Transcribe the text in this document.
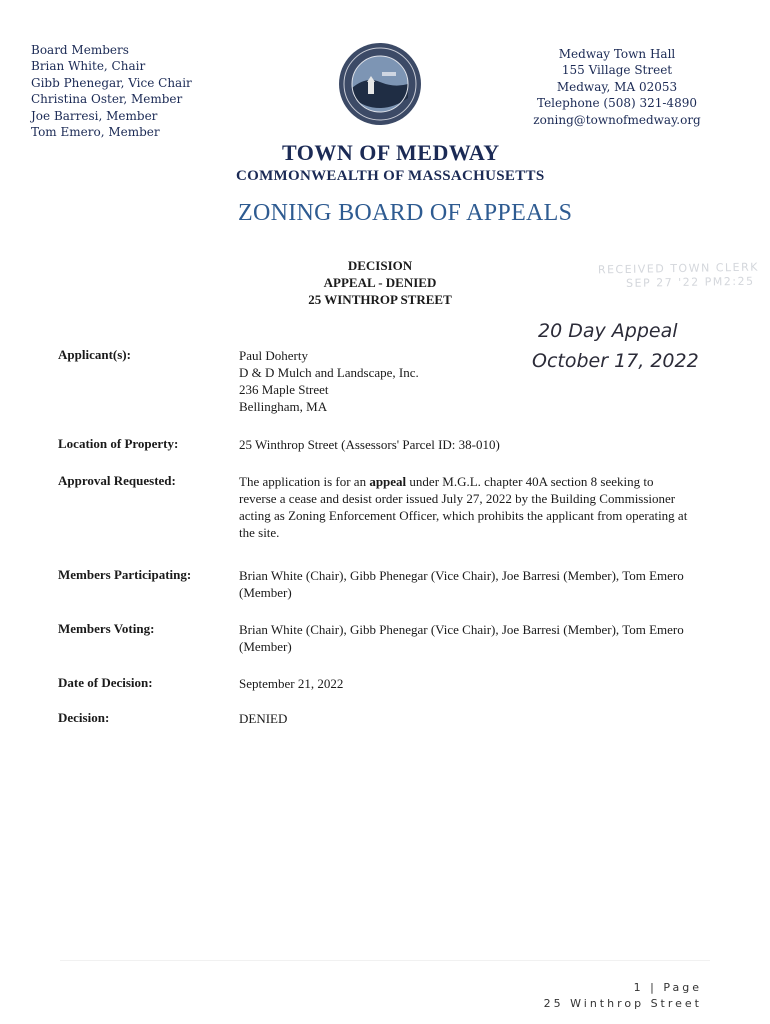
Board Members
Brian White, Chair
Gibb Phenegar, Vice Chair
Christina Oster, Member
Joe Barresi, Member
Tom Emero, Member
Medway Town Hall
155 Village Street
Medway, MA 02053
Telephone (508) 321-4890
zoning@townofmedway.org
TOWN OF MEDWAY
COMMONWEALTH OF MASSACHUSETTS
ZONING BOARD OF APPEALS
DECISION
APPEAL - DENIED
25 WINTHROP STREET
RECEIVED TOWN CLERK
SEP 27 '22 PM2:25
20 Day Appeal
October 17, 2022
Applicant(s):	Paul Doherty
D & D Mulch and Landscape, Inc.
236 Maple Street
Bellingham, MA
Location of Property:	25 Winthrop Street (Assessors' Parcel ID: 38-010)
Approval Requested:	The application is for an appeal under M.G.L. chapter 40A section 8 seeking to reverse a cease and desist order issued July 27, 2022 by the Building Commissioner acting as Zoning Enforcement Officer, which prohibits the applicant from operating at the site.
Members Participating:	Brian White (Chair), Gibb Phenegar (Vice Chair), Joe Barresi (Member), Tom Emero (Member)
Members Voting:	Brian White (Chair), Gibb Phenegar (Vice Chair), Joe Barresi (Member), Tom Emero (Member)
Date of Decision:	September 21, 2022
Decision:	DENIED
1 | Page
25 Winthrop Street
